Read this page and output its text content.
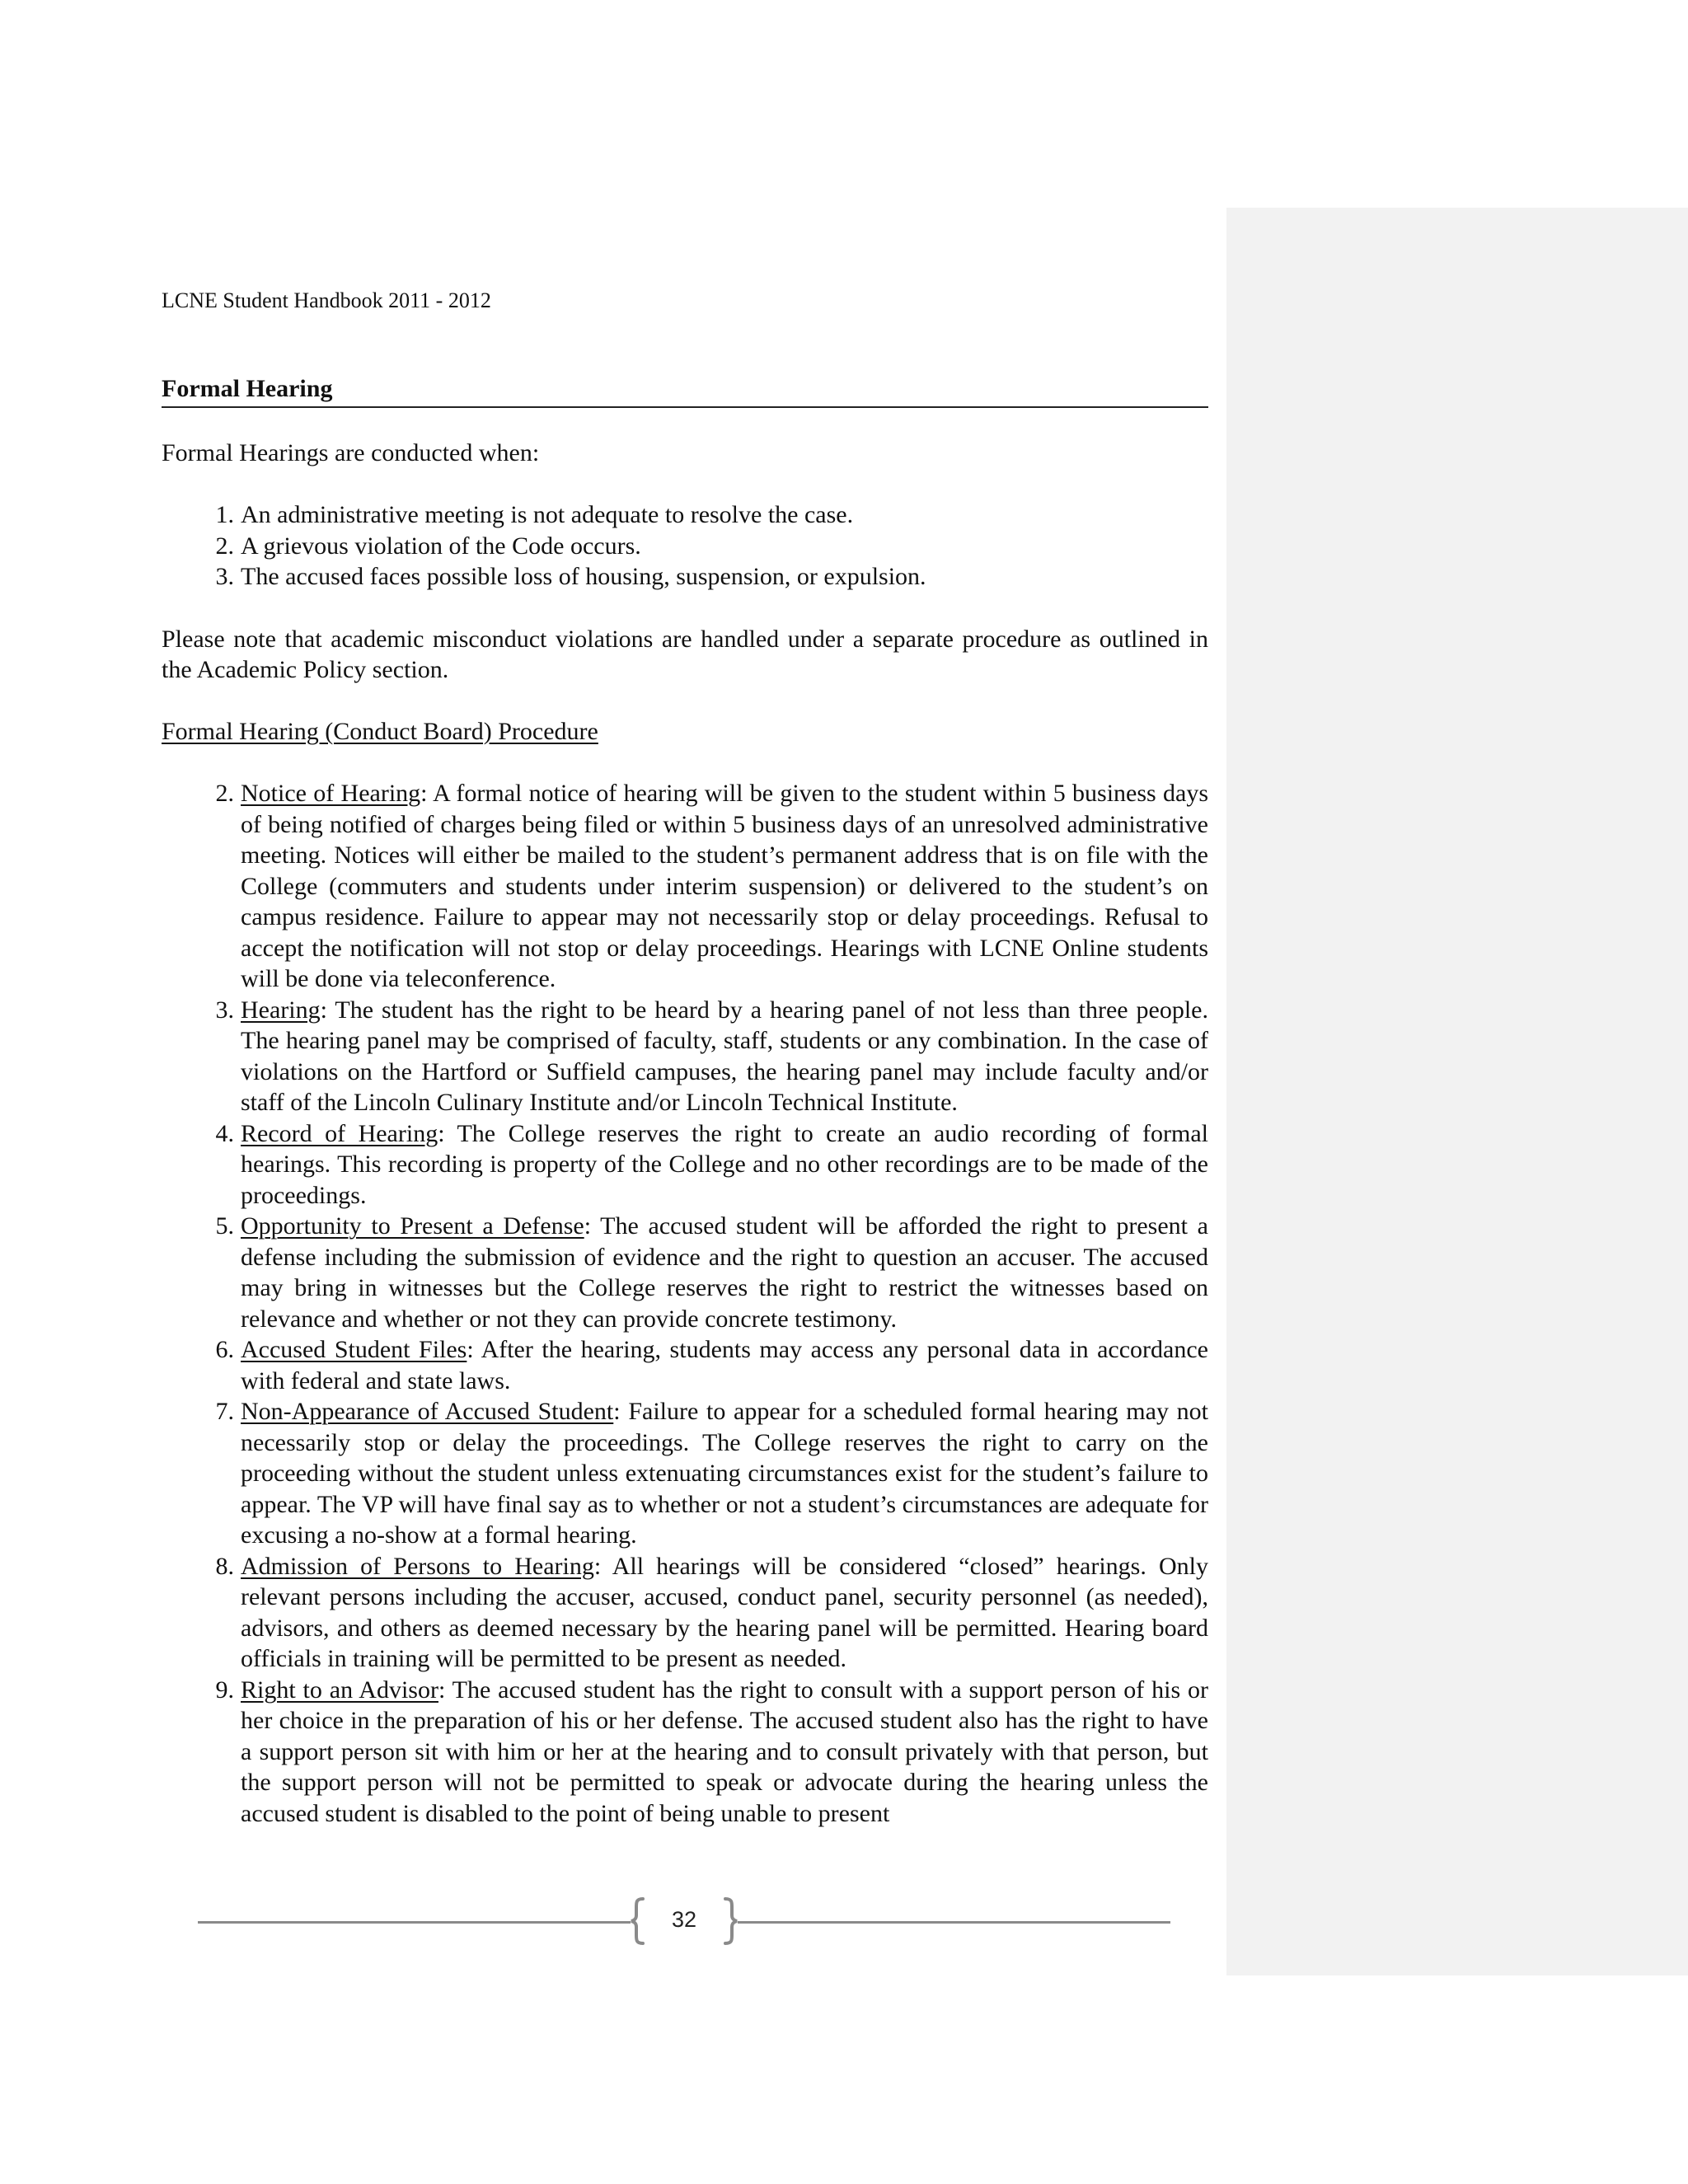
LCNE Student Handbook 2011 - 2012
Formal Hearing

Formal Hearings are conducted when:

1. An administrative meeting is not adequate to resolve the case.
2. A grievous violation of the Code occurs.
3. The accused faces possible loss of housing, suspension, or expulsion.

Please note that academic misconduct violations are handled under a separate procedure as outlined in the Academic Policy section.

Formal Hearing (Conduct Board) Procedure

2. Notice of Hearing: A formal notice of hearing will be given to the student within 5 business days of being notified of charges being filed or within 5 business days of an unresolved administrative meeting. Notices will either be mailed to the student’s permanent address that is on file with the College (commuters and students under interim suspension) or delivered to the student’s on campus residence. Failure to appear may not necessarily stop or delay proceedings. Refusal to accept the notification will not stop or delay proceedings. Hearings with LCNE Online students will be done via teleconference.
3. Hearing: The student has the right to be heard by a hearing panel of not less than three people. The hearing panel may be comprised of faculty, staff, students or any combination. In the case of violations on the Hartford or Suffield campuses, the hearing panel may include faculty and/or staff of the Lincoln Culinary Institute and/or Lincoln Technical Institute.
4. Record of Hearing: The College reserves the right to create an audio recording of formal hearings. This recording is property of the College and no other recordings are to be made of the proceedings.
5. Opportunity to Present a Defense: The accused student will be afforded the right to present a defense including the submission of evidence and the right to question an accuser. The accused may bring in witnesses but the College reserves the right to restrict the witnesses based on relevance and whether or not they can provide concrete testimony.
6. Accused Student Files: After the hearing, students may access any personal data in accordance with federal and state laws.
7. Non-Appearance of Accused Student: Failure to appear for a scheduled formal hearing may not necessarily stop or delay the proceedings. The College reserves the right to carry on the proceeding without the student unless extenuating circumstances exist for the student’s failure to appear. The VP will have final say as to whether or not a student’s circumstances are adequate for excusing a no-show at a formal hearing.
8. Admission of Persons to Hearing: All hearings will be considered “closed” hearings. Only relevant persons including the accuser, accused, conduct panel, security personnel (as needed), advisors, and others as deemed necessary by the hearing panel will be permitted. Hearing board officials in training will be permitted to be present as needed.
9. Right to an Advisor: The accused student has the right to consult with a support person of his or her choice in the preparation of his or her defense. The accused student also has the right to have a support person sit with him or her at the hearing and to consult privately with that person, but the support person will not be permitted to speak or advocate during the hearing unless the accused student is disabled to the point of being unable to present
32
